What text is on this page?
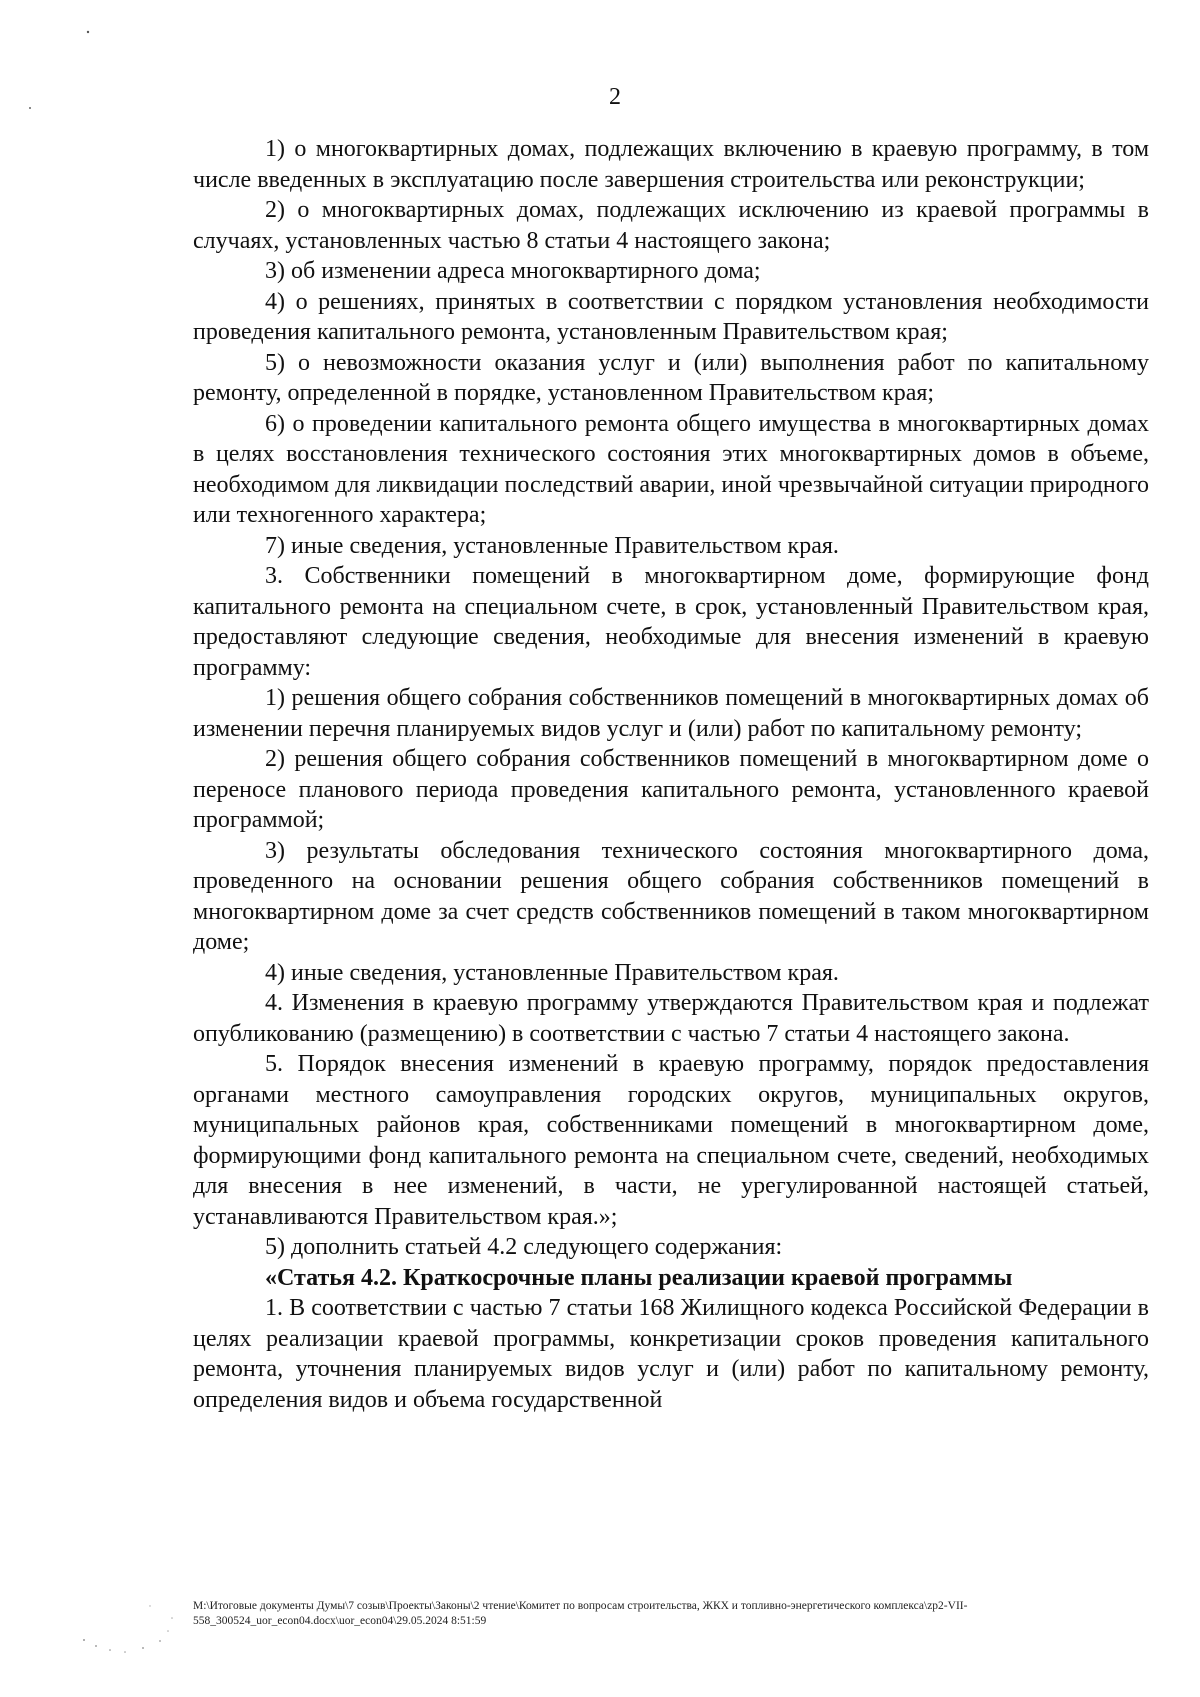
2

1) о многоквартирных домах, подлежащих включению в краевую программу, в том числе введенных в эксплуатацию после завершения строительства или реконструкции;

2) о многоквартирных домах, подлежащих исключению из краевой программы в случаях, установленных частью 8 статьи 4 настоящего закона;

3) об изменении адреса многоквартирного дома;

4) о решениях, принятых в соответствии с порядком установления необходимости проведения капитального ремонта, установленным Правительством края;

5) о невозможности оказания услуг и (или) выполнения работ по капитальному ремонту, определенной в порядке, установленном Правительством края;

6) о проведении капитального ремонта общего имущества в многоквартирных домах в целях восстановления технического состояния этих многоквартирных домов в объеме, необходимом для ликвидации последствий аварии, иной чрезвычайной ситуации природного или техногенного характера;

7) иные сведения, установленные Правительством края.

3. Собственники помещений в многоквартирном доме, формирующие фонд капитального ремонта на специальном счете, в срок, установленный Правительством края, предоставляют следующие сведения, необходимые для внесения изменений в краевую программу:

1) решения общего собрания собственников помещений в многоквартирных домах об изменении перечня планируемых видов услуг и (или) работ по капитальному ремонту;

2) решения общего собрания собственников помещений в многоквартирном доме о переносе планового периода проведения капитального ремонта, установленного краевой программой;

3) результаты обследования технического состояния многоквартирного дома, проведенного на основании решения общего собрания собственников помещений в многоквартирном доме за счет средств собственников помещений в таком многоквартирном доме;

4) иные сведения, установленные Правительством края.

4. Изменения в краевую программу утверждаются Правительством края и подлежат опубликованию (размещению) в соответствии с частью 7 статьи 4 настоящего закона.

5. Порядок внесения изменений в краевую программу, порядок предоставления органами местного самоуправления городских округов, муниципальных округов, муниципальных районов края, собственниками помещений в многоквартирном доме, формирующими фонд капитального ремонта на специальном счете, сведений, необходимых для внесения в нее изменений, в части, не урегулированной настоящей статьей, устанавливаются Правительством края.»;

5) дополнить статьей 4.2 следующего содержания:

«Статья 4.2. Краткосрочные планы реализации краевой программы

1. В соответствии с частью 7 статьи 168 Жилищного кодекса Российской Федерации в целях реализации краевой программы, конкретизации сроков проведения капитального ремонта, уточнения планируемых видов услуг и (или) работ по капитальному ремонту, определения видов и объема государственной

M:\Итоговые документы Думы\7 созыв\Проекты\Законы\2 чтение\Комитет по вопросам строительства, ЖКХ и топливно-энергетического комплекса\zp2-VII-558_300524_uor_econ04.docx\uor_econ04\29.05.2024 8:51:59
